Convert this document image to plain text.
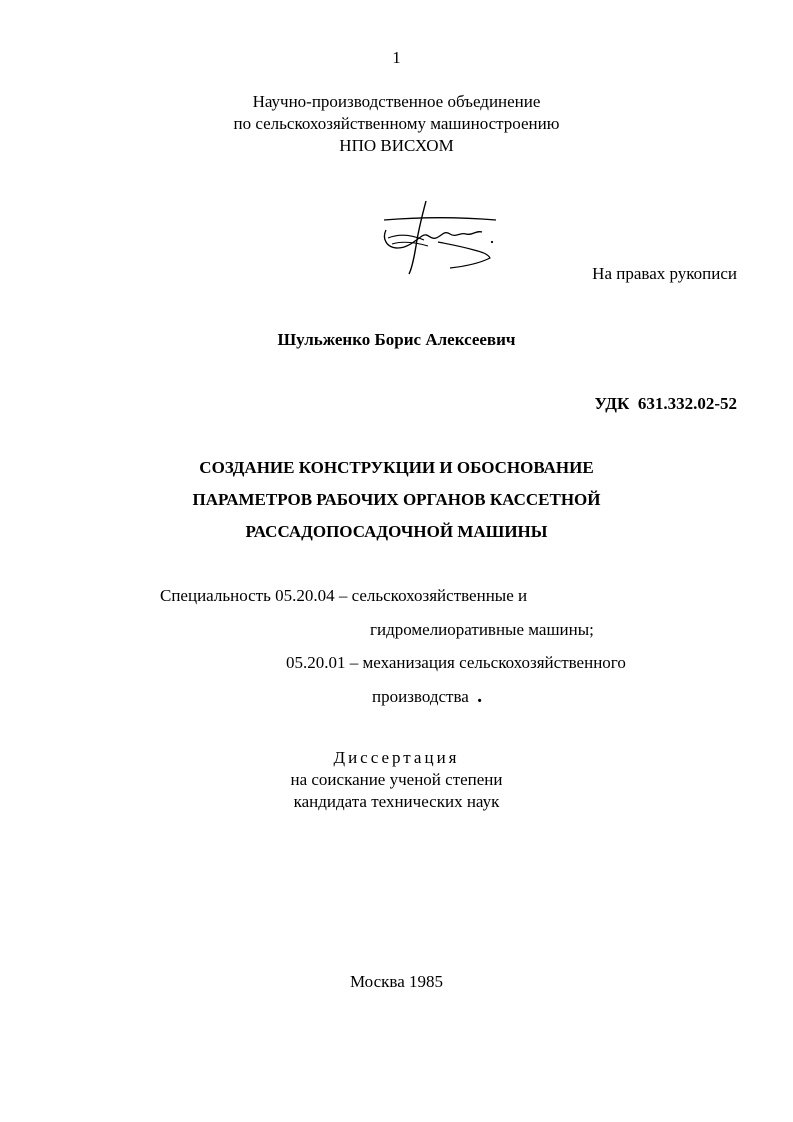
1
Научно-производственное объединение
по сельскохозяйственному машиностроению
НПО ВИСХОМ
На правах рукописи
Шульженко Борис Алексеевич
УДК  631.332.02-52
СОЗДАНИЕ КОНСТРУКЦИИ И ОБОСНОВАНИЕ
ПАРАМЕТРОВ РАБОЧИХ ОРГАНОВ КАССЕТНОЙ
РАССАДОПОСАДОЧНОЙ МАШИНЫ
Специальность 05.20.04 – сельскохозяйственные и
гидромелиоративные машины;
05.20.01 – механизация сельскохозяйственного
производства .
Диссертация
на соискание ученой степени
кандидата технических наук
Москва 1985
